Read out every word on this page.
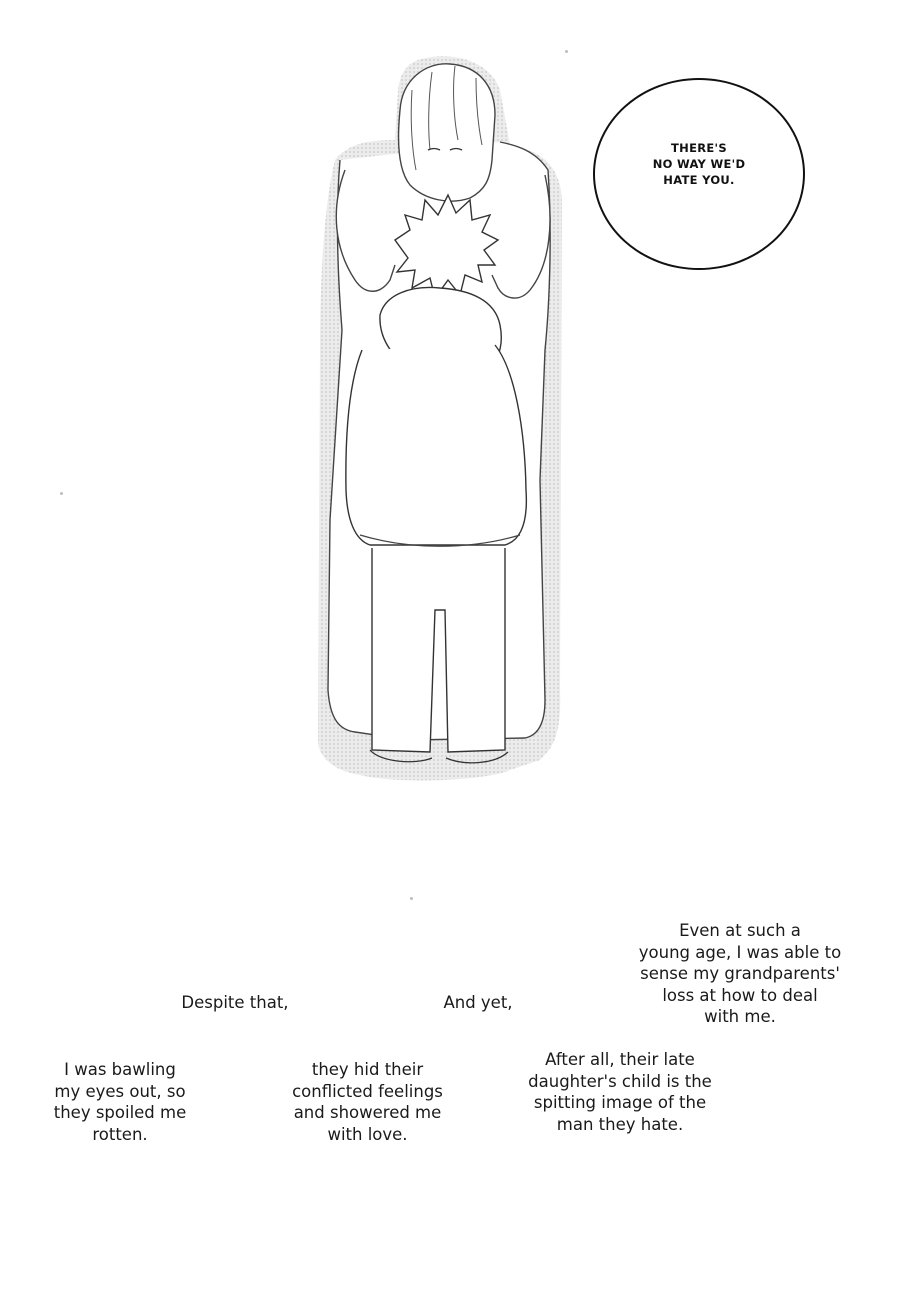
THERE'S
NO WAY WE'D
HATE YOU.
Even at such a
young age, I was able to
sense my grandparents'
loss at how to deal
with me.
Despite that,	And yet,
After all, their late
daughter's child is the
spitting image of the
man they hate.
I was bawling
my eyes out, so
they spoiled me
rotten.
they hid their
conflicted feelings
and showered me
with love.
